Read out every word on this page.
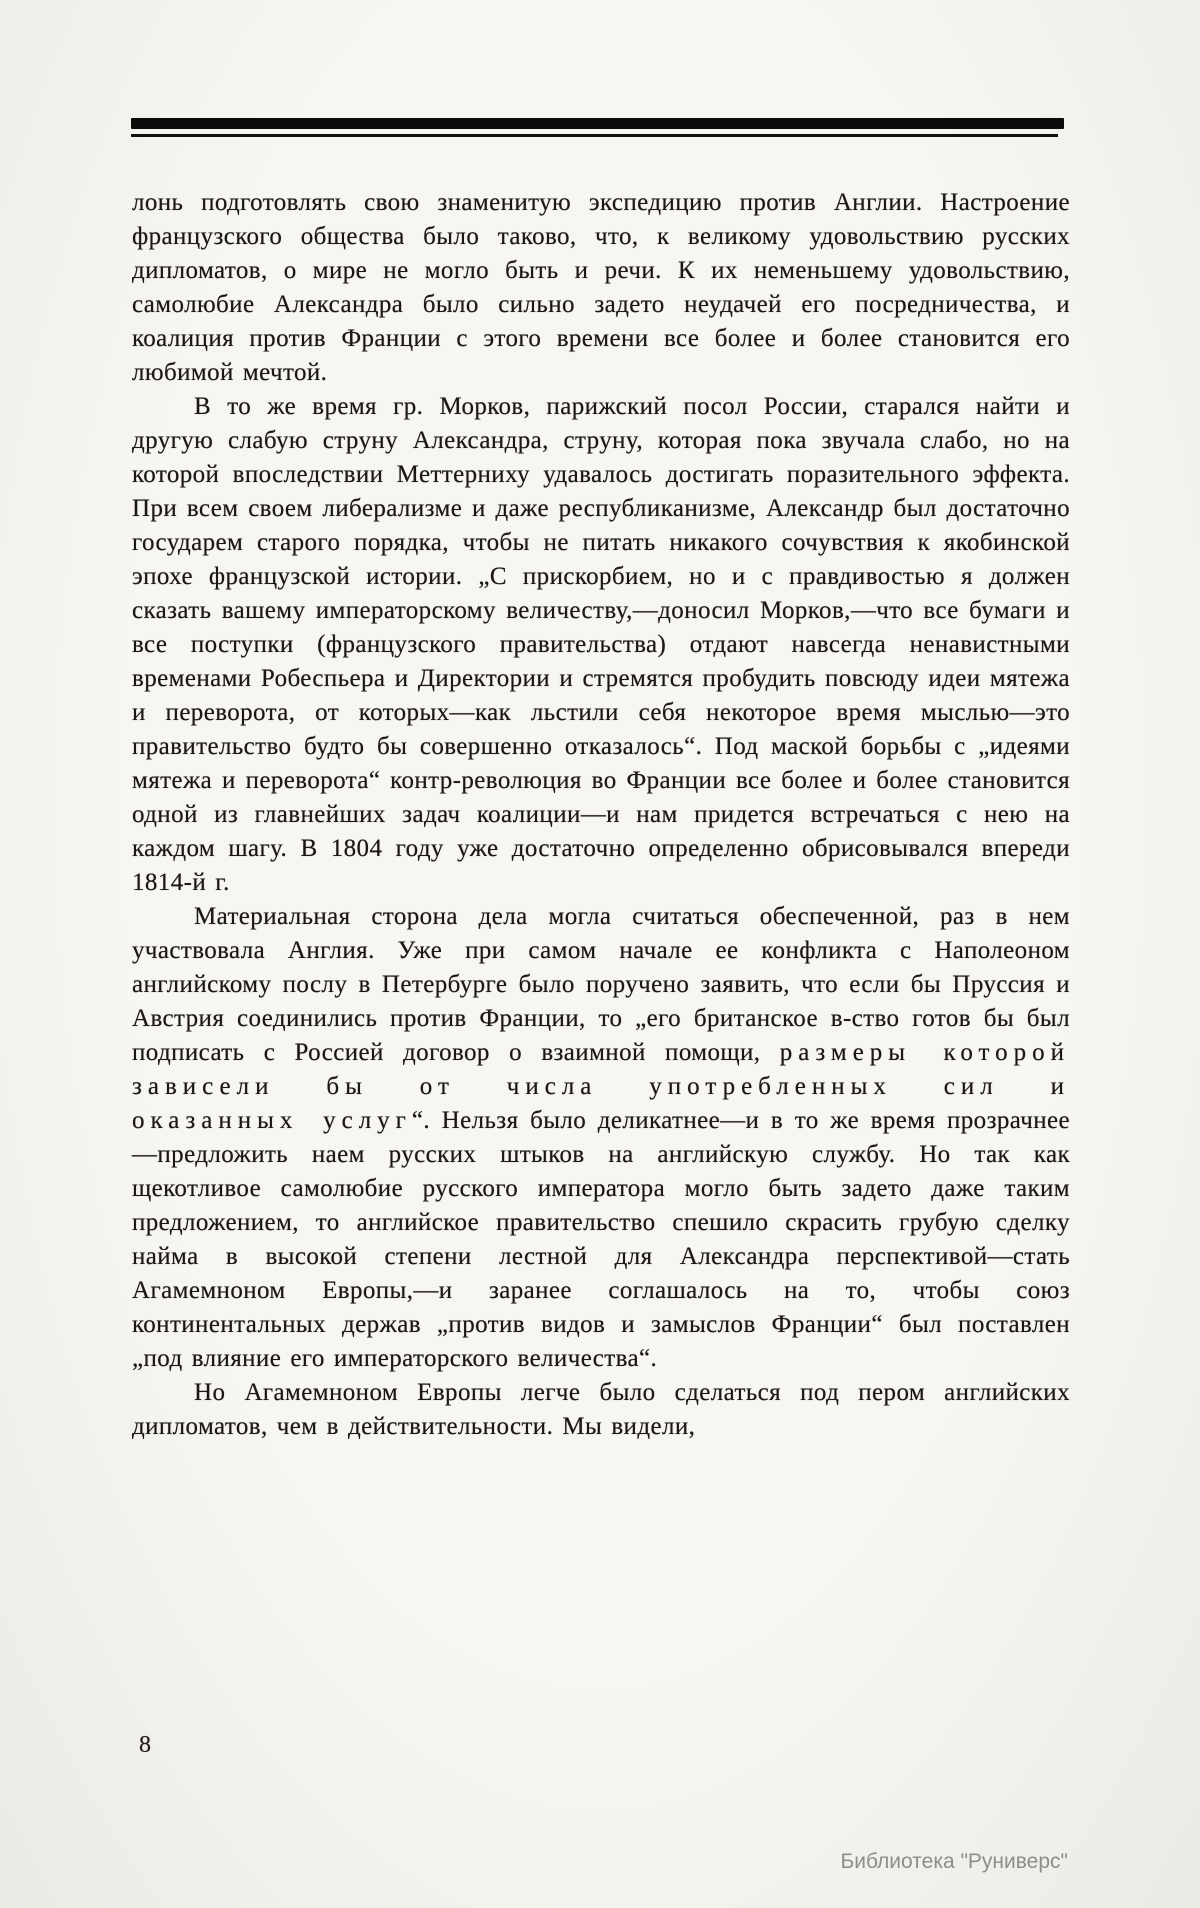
лонь подготовлять свою знаменитую экспедицию против Англии. Настроение французского общества было таково, что, к великому удовольствию русских дипломатов, о мире не могло быть и речи. К их неменьшему удовольствию, самолюбие Александра было сильно задето неудачей его посредничества, и коалиция против Франции с этого времени все более и более становится его любимой мечтой.

В то же время гр. Морков, парижский посол России, старался найти и другую слабую струну Александра, струну, которая пока звучала слабо, но на которой впоследствии Меттерниху удавалось достигать поразительного эффекта. При всем своем либерализме и даже республиканизме, Александр был достаточно государем старого порядка, чтобы не питать никакого сочувствия к якобинской эпохе французской истории. „С прискорбием, но и с правдивостью я должен сказать вашему императорскому величеству,—доносил Морков,—что все бумаги и все поступки (французского правительства) отдают навсегда ненавистными временами Робеспьера и Директории и стремятся пробудить повсюду идеи мятежа и переворота, от которых—как льстили себя некоторое время мыслью—это правительство будто бы совершенно отказалось“. Под маской борьбы с „идеями мятежа и переворота“ контр-революция во Франции все более и более становится одной из главнейших задач коалиции—и нам придется встречаться с нею на каждом шагу. В 1804 году уже достаточно определенно обрисовывался впереди 1814-й г.

Материальная сторона дела могла считаться обеспеченной, раз в нем участвовала Англия. Уже при самом начале ее конфликта с Наполеоном английскому послу в Петербурге было поручено заявить, что если бы Пруссия и Австрия соединились против Франции, то „его британское в-ство готов бы был подписать с Россией договор о взаимной помощи, размеры которой зависели бы от числа употребленных сил и оказанных услуг“. Нельзя было деликатнее—и в то же время прозрачнее —предложить наем русских штыков на английскую службу. Но так как щекотливое самолюбие русского императора могло быть задето даже таким предложением, то английское правительство спешило скрасить грубую сделку найма в высокой степени лестной для Александра перспективой—стать Агамемноном Европы,—и заранее соглашалось на то, чтобы союз континентальных держав „против видов и замыслов Франции“ был поставлен „под влияние его императорского величества“.

Но Агамемноном Европы легче было сделаться под пером английских дипломатов, чем в действительности. Мы видели,

8
Библиотека "Руниверс"
